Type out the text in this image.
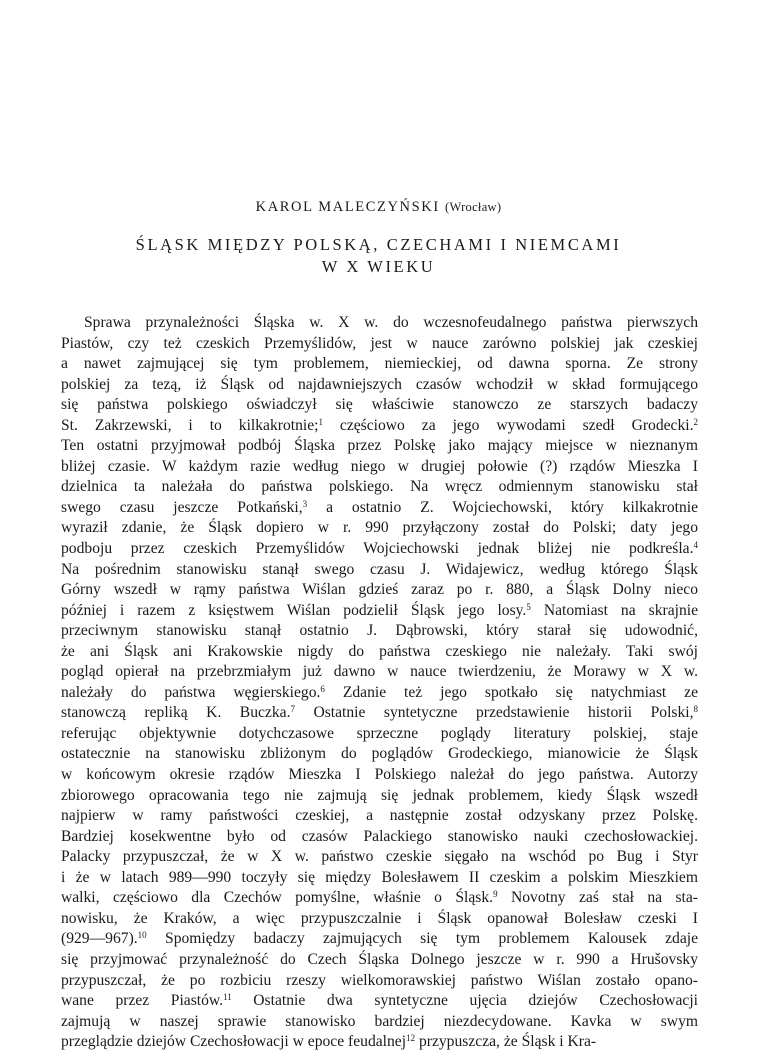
KAROL MALECZYŃSKI (Wrocław)
ŚLĄSK MIĘDZY POLSKĄ, CZECHAMI I NIEMCAMI
W X WIEKU
Sprawa przynależności Śląska w. X w. do wczesnofeudalnego państwa pierwszych
Piastów, czy też czeskich Przemyślidów, jest w nauce zarówno polskiej jak czeskiej
a nawet zajmującej się tym problemem, niemieckiej, od dawna sporna. Ze strony
polskiej za tezą, iż Śląsk od najdawniejszych czasów wchodził w skład formującego
się państwa polskiego oświadczył się właściwie stanowczo ze starszych badaczy
St. Zakrzewski, i to kilkakrotnie;$^1$ częściowo za jego wywodami szedł Grodecki.$^2$
Ten ostatni przyjmował podbój Śląska przez Polskę jako mający miejsce w nieznanym
bliżej czasie. W każdym razie według niego w drugiej połowie (?) rządów Mieszka I
dzielnica ta należała do państwa polskiego. Na wręcz odmiennym stanowisku stał
swego czasu jeszcze Potkański,$^3$ a ostatnio Z. Wojciechowski, który kilkakrotnie
wyraził zdanie, że Śląsk dopiero w r. 990 przyłączony został do Polski; daty jego
podboju przez czeskich Przemyślidów Wojciechowski jednak bliżej nie podkreśla.$^4$
Na pośrednim stanowisku stanął swego czasu J. Widajewicz, według którego Śląsk
Górny wszedł w rąmy państwa Wiślan gdzieś zaraz po r. 880, a Śląsk Dolny nieco
później i razem z księstwem Wiślan podzielił Śląsk jego losy.$^5$ Natomiast na skrajnie
przeciwnym stanowisku stanął ostatnio J. Dąbrowski, który starał się udowodnić,
że ani Śląsk ani Krakowskie nigdy do państwa czeskiego nie należały. Taki swój
pogląd opierał na przebrzmiałym już dawno w nauce twierdzeniu, że Morawy w X w.
należały do państwa węgierskiego.$^6$ Zdanie też jego spotkało się natychmiast ze
stanowczą repliką K. Buczka.$^7$ Ostatnie syntetyczne przedstawienie historii Polski,$^8$
referując objektywnie dotychczasowe sprzeczne poglądy literatury polskiej, staje
ostatecznie na stanowisku zbliżonym do poglądów Grodeckiego, mianowicie że Śląsk
w końcowym okresie rządów Mieszka I Polskiego należał do jego państwa. Autorzy
zbiorowego opracowania tego nie zajmują się jednak problemem, kiedy Śląsk wszedł
najpierw w ramy państwości czeskiej, a następnie został odzyskany przez Polskę.
Bardziej kosekwentne było od czasów Palackiego stanowisko nauki czechosłowackiej.
Palacky przypuszczał, że w X w. państwo czeskie sięgało na wschód po Bug i Styr
i że w latach 989—990 toczyły się między Bolesławem II czeskim a polskim Mieszkiem
walki, częściowo dla Czechów pomyślne, właśnie o Śląsk.$^9$ Novotny zaś stał na sta-
nowisku, że Kraków, a więc przypuszczalnie i Śląsk opanował Bolesław czeski I
(929—967).$^{10}$ Spomiędzy badaczy zajmujących się tym problemem Kalousek zdaje
się przyjmować przynależność do Czech Śląska Dolnego jeszcze w r. 990 a Hrušovsky
przypuszczał, że po rozbiciu rzeszy wielkomorawskiej państwo Wiślan zostało opano-
wane przez Piastów.$^{11}$ Ostatnie dwa syntetyczne ujęcia dziejów Czechosłowacji
zajmują w naszej sprawie stanowisko bardziej niezdecydowane. Kavka w swym
przeglądzie dziejów Czechosłowacji w epoce feudalnej$^{12}$ przypuszcza, że Śląsk i Kra-
